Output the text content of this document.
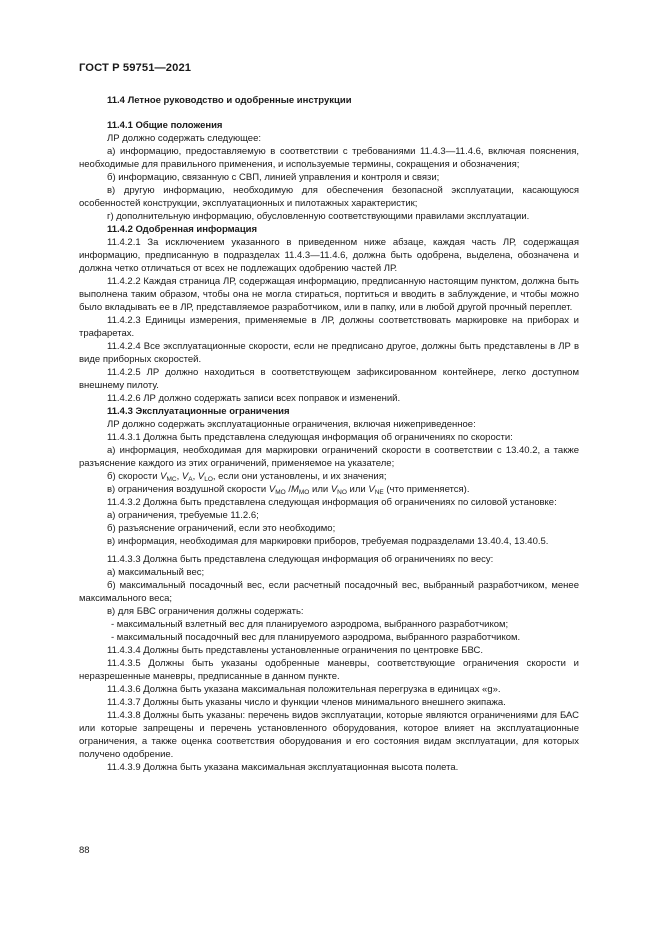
ГОСТ Р 59751—2021

11.4 Летное руководство и одобренные инструкции

11.4.1 Общие положения

ЛР должно содержать следующее:

а) информацию, предоставляемую в соответствии с требованиями 11.4.3—11.4.6, включая пояснения, необходимые для правильного применения, и используемые термины, сокращения и обозначения;

б) информацию, связанную с СВП, линией управления и контроля и связи;

в) другую информацию, необходимую для обеспечения безопасной эксплуатации, касающуюся особенностей конструкции, эксплуатационных и пилотажных характеристик;

г) дополнительную информацию, обусловленную соответствующими правилами эксплуатации.

11.4.2 Одобренная информация

11.4.2.1 За исключением указанного в приведенном ниже абзаце, каждая часть ЛР, содержащая информацию, предписанную в подразделах 11.4.3—11.4.6, должна быть одобрена, выделена, обозначена и должна четко отличаться от всех не подлежащих одобрению частей ЛР.

11.4.2.2 Каждая страница ЛР, содержащая информацию, предписанную настоящим пунктом, должна быть выполнена таким образом, чтобы она не могла стираться, портиться и вводить в заблуждение, и чтобы можно было вкладывать ее в ЛР, представляемое разработчиком, или в папку, или в любой другой прочный переплет.

11.4.2.3 Единицы измерения, применяемые в ЛР, должны соответствовать маркировке на приборах и трафаретах.

11.4.2.4 Все эксплуатационные скорости, если не предписано другое, должны быть представлены в ЛР в виде приборных скоростей.

11.4.2.5 ЛР должно находиться в соответствующем зафиксированном контейнере, легко доступном внешнему пилоту.

11.4.2.6 ЛР должно содержать записи всех поправок и изменений.

11.4.3 Эксплуатационные ограничения

ЛР должно содержать эксплуатационные ограничения, включая нижеприведенное:

11.4.3.1 Должна быть представлена следующая информация об ограничениях по скорости:

а) информация, необходимая для маркировки ограничений скорости в соответствии с 13.40.2, а также разъяснение каждого из этих ограничений, применяемое на указателе;

б) скорости $V_{MC}$, $V_A$, $V_{LO}$, если они установлены, и их значения;

в) ограничения воздушной скорости $V_{MO}$ $/M_{MO}$ или $V_{NO}$ или $V_{NE}$ (что применяется).

11.4.3.2 Должна быть представлена следующая информация об ограничениях по силовой установке:

а) ограничения, требуемые 11.2.6;

б) разъяснение ограничений, если это необходимо;

в) информация, необходимая для маркировки приборов, требуемая подразделами 13.40.4, 13.40.5.

11.4.3.3 Должна быть представлена следующая информация об ограничениях по весу:

а) максимальный вес;

б) максимальный посадочный вес, если расчетный посадочный вес, выбранный разработчиком, менее максимального веса;

в) для БВС ограничения должны содержать:

- максимальный взлетный вес для планируемого аэродрома, выбранного разработчиком;

- максимальный посадочный вес для планируемого аэродрома, выбранного разработчиком.

11.4.3.4 Должны быть представлены установленные ограничения по центровке БВС.

11.4.3.5 Должны быть указаны одобренные маневры, соответствующие ограничения скорости и неразрешенные маневры, предписанные в данном пункте.

11.4.3.6 Должна быть указана максимальная положительная перегрузка в единицах «g».

11.4.3.7 Должны быть указаны число и функции членов минимального внешнего экипажа.

11.4.3.8 Должны быть указаны: перечень видов эксплуатации, которые являются ограничениями для БАС или которые запрещены и перечень установленного оборудования, которое влияет на эксплуатационные ограничения, а также оценка соответствия оборудования и его состояния видам эксплуатации, для которых получено одобрение.

11.4.3.9 Должна быть указана максимальная эксплуатационная высота полета.

88
